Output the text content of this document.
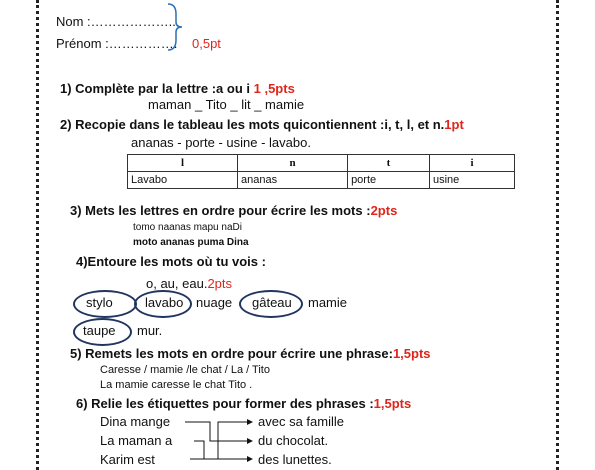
Nom :………………..
Prénom :……………. 0,5pt
1) Complète par la lettre :a ou i 1 ,5pts
maman _ Tito _ lit _ mamie
2) Recopie dans le tableau les mots quicontiennent :i, t, l, et n.1pt
ananas - porte - usine - lavabo.
l	n	t	i
Lavabo	ananas	porte	usine
3) Mets les lettres en ordre pour écrire les mots :2pts
tomo naanas mapu naDi
moto ananas puma Dina
4)Entoure les mots où tu vois :
o, au, eau.2pts
stylo lavabo nuage gâteau mamie
taupe mur.
5) Remets les mots en ordre pour écrire une phrase:1,5pts
Caresse / mamie /le chat / La / Tito
La mamie caresse le chat Tito .
6) Relie les étiquettes pour former des phrases :1,5pts
Dina mange
La maman a
Karim est
avec sa famille
du chocolat.
des lunettes.
